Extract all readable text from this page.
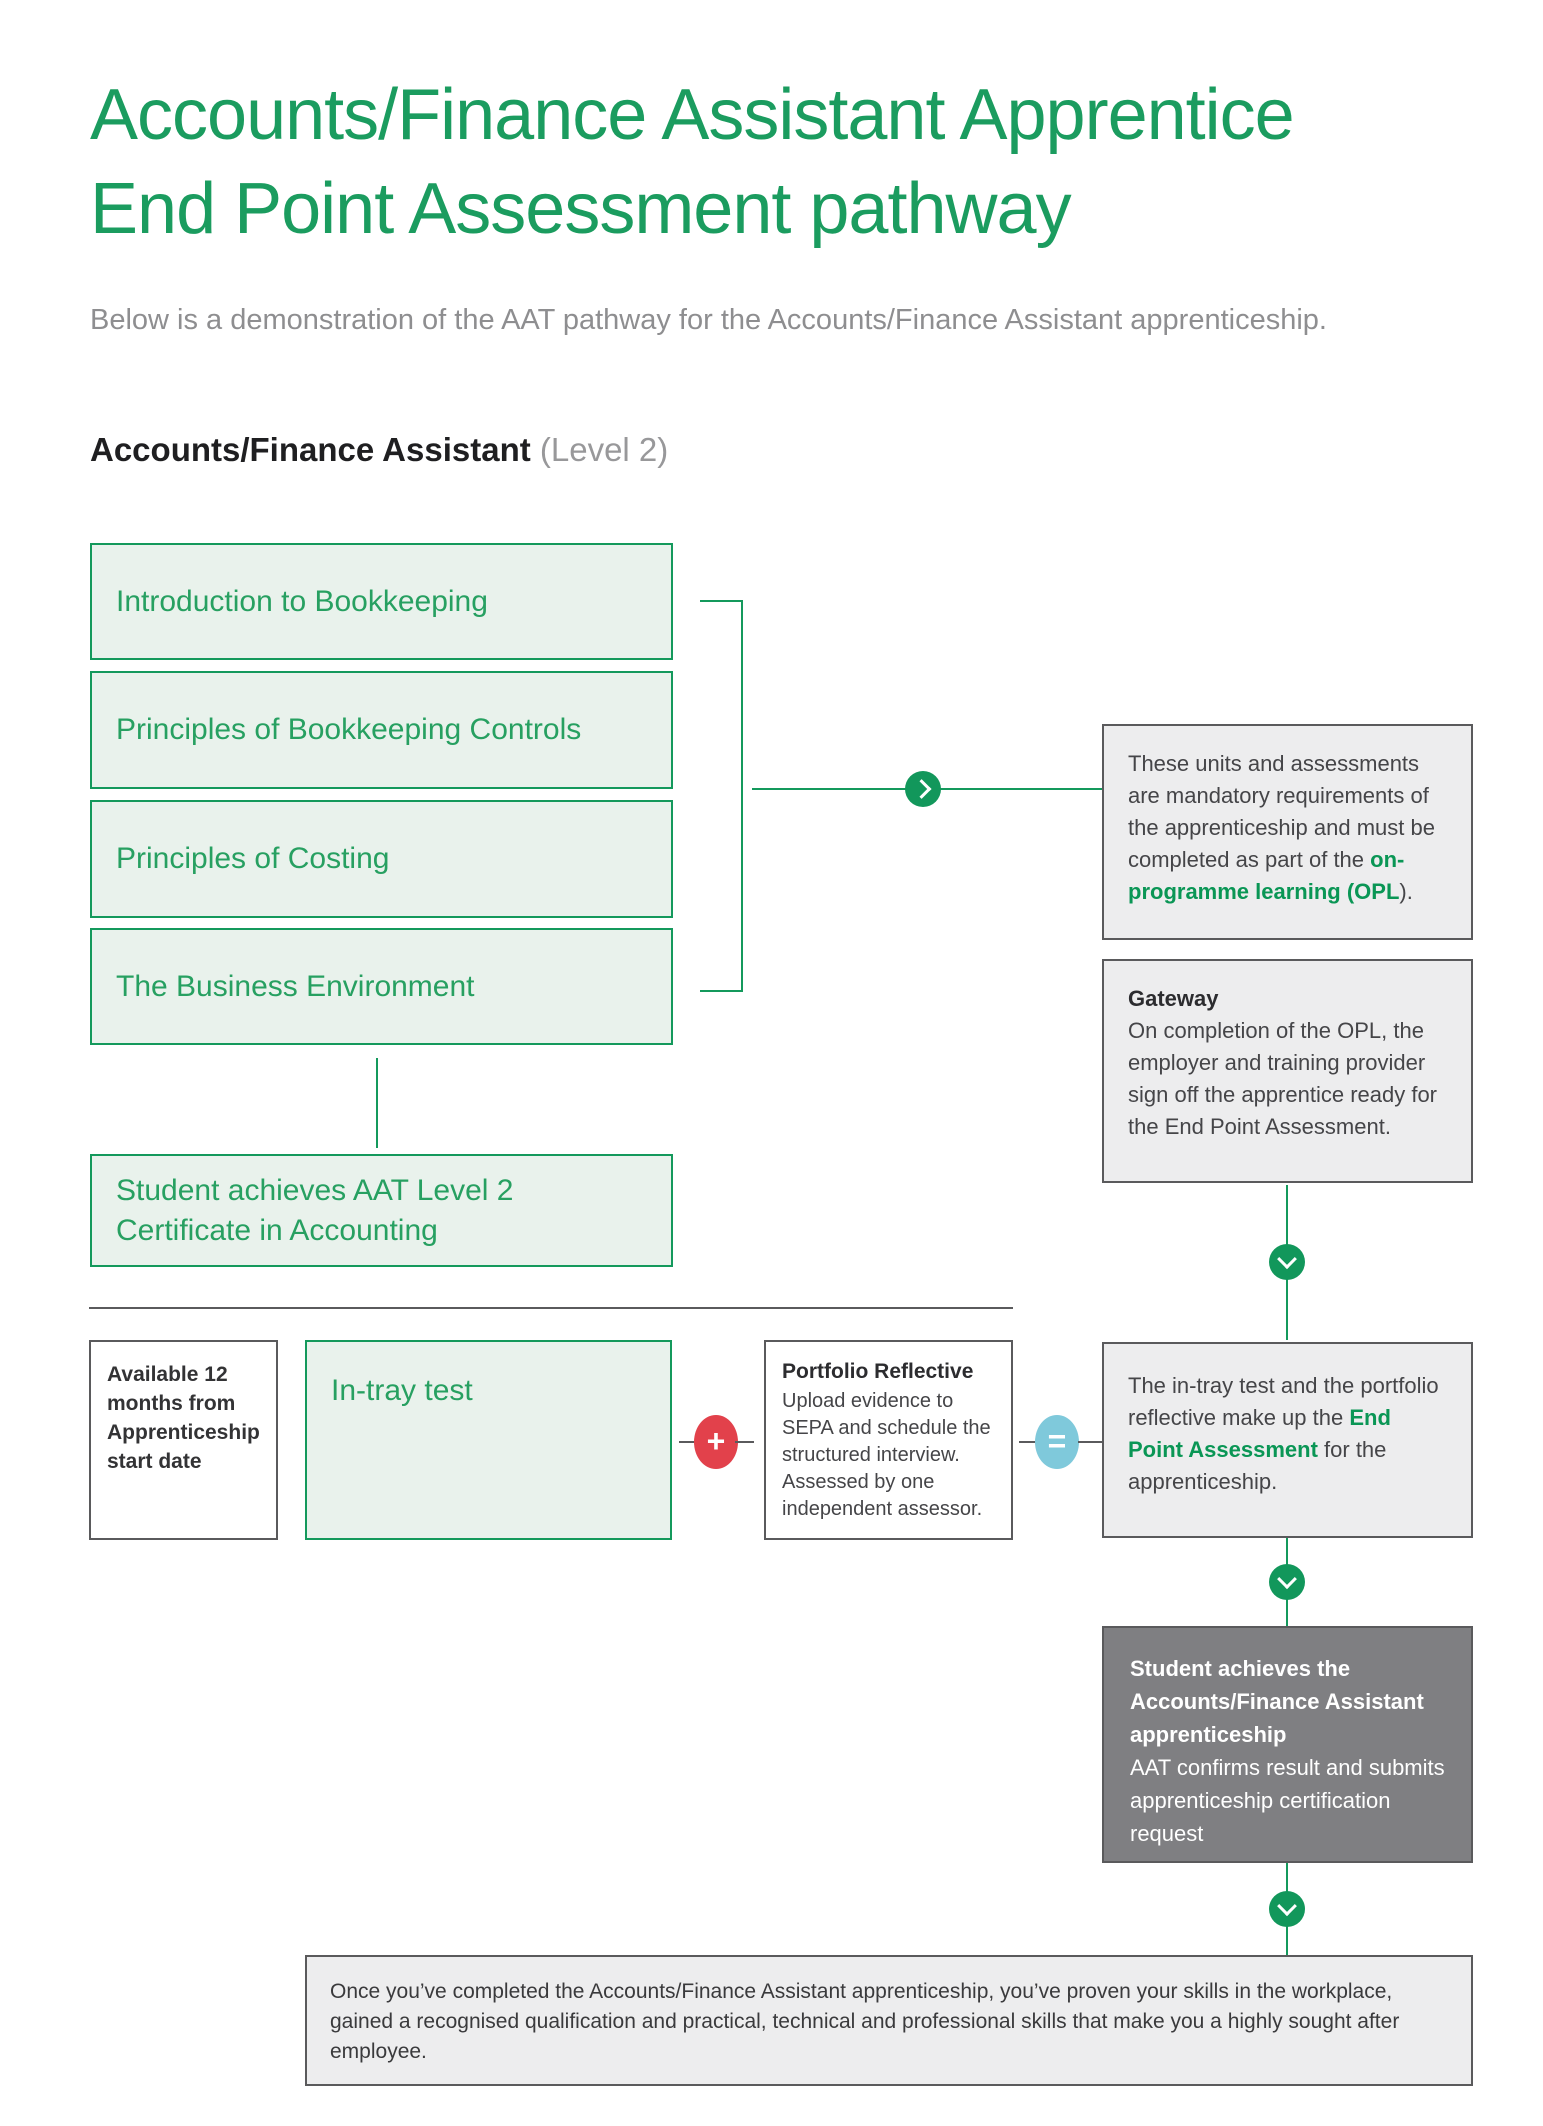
Accounts/Finance Assistant Apprentice
End Point Assessment pathway
Below is a demonstration of the AAT pathway for the Accounts/Finance Assistant apprenticeship.
Accounts/Finance Assistant (Level 2)
Introduction to Bookkeeping
Principles of Bookkeeping Controls
Principles of Costing
The Business Environment
These units and assessments are mandatory requirements of the apprenticeship and must be completed as part of the on-programme learning (OPL).
Gateway
On completion of the OPL, the employer and training provider sign off the apprentice ready for the End Point Assessment.
Student achieves AAT Level 2 Certificate in Accounting
Available 12 months from Apprenticeship start date
In-tray test
+
Portfolio Reflective
Upload evidence to SEPA and schedule the structured interview. Assessed by one independent assessor.
=
The in-tray test and the portfolio reflective make up the End Point Assessment for the apprenticeship.
Student achieves the Accounts/Finance Assistant apprenticeship
AAT confirms result and submits apprenticeship certification request
Once you’ve completed the Accounts/Finance Assistant apprenticeship, you’ve proven your skills in the workplace, gained a recognised qualification and practical, technical and professional skills that make you a highly sought after employee.
